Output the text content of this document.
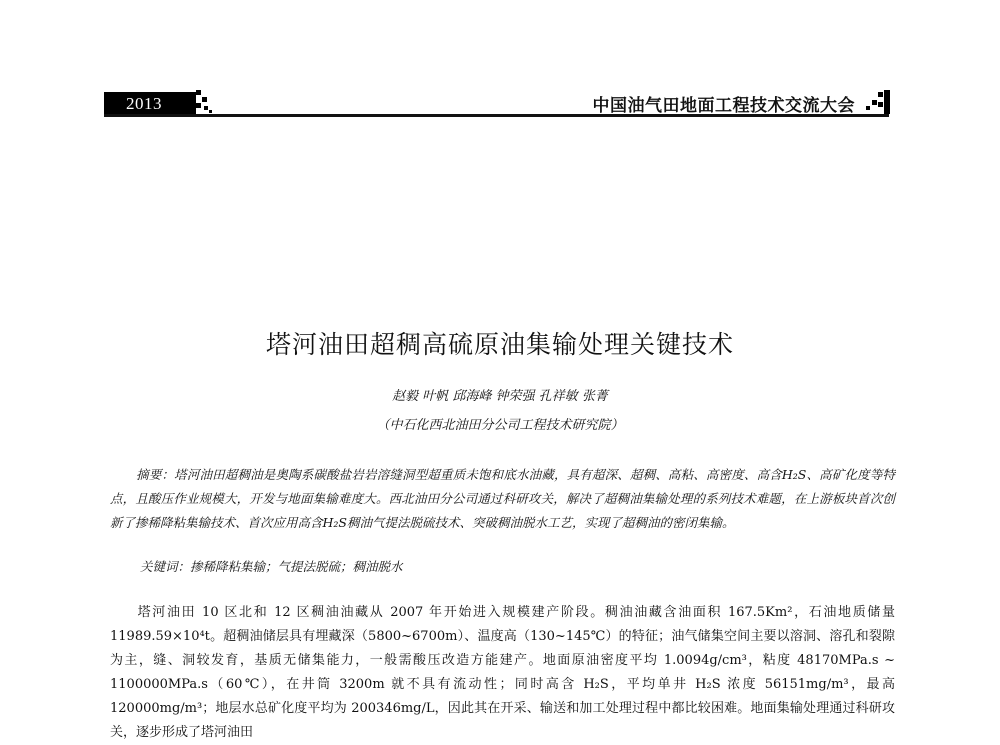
2013	中国油气田地面工程技术交流大会
塔河油田超稠高硫原油集输处理关键技术
赵毅 叶帆 邱海峰 钟荣强 孔祥敏 张菁
（中石化西北油田分公司工程技术研究院）
摘要：塔河油田超稠油是奥陶系碳酸盐岩岩溶缝洞型超重质未饱和底水油藏，具有超深、超稠、高粘、高密度、高含H₂S、高矿化度等特点，且酸压作业规模大，开发与地面集输难度大。西北油田分公司通过科研攻关，解决了超稠油集输处理的系列技术难题，在上游板块首次创新了掺稀降粘集输技术、首次应用高含H₂S稠油气提法脱硫技术、突破稠油脱水工艺，实现了超稠油的密闭集输。
关键词：掺稀降粘集输；气提法脱硫；稠油脱水
塔河油田 10 区北和 12 区稠油油藏从 2007 年开始进入规模建产阶段。稠油油藏含油面积 167.5Km²，石油地质储量 11989.59×10⁴t。超稠油储层具有埋藏深（5800~6700m）、温度高（130~145℃）的特征；油气储集空间主要以溶洞、溶孔和裂隙为主，缝、洞较发育，基质无储集能力，一般需酸压改造方能建产。地面原油密度平均 1.0094g/cm³，粘度 48170MPa.s ~ 1100000MPa.s（60℃），在井筒 3200m 就不具有流动性；同时高含 H₂S，平均单井 H₂S 浓度 56151mg/m³，最高 120000mg/m³；地层水总矿化度平均为 200346mg/L，因此其在开采、输送和加工处理过程中都比较困难。地面集输处理通过科研攻关，逐步形成了塔河油田
